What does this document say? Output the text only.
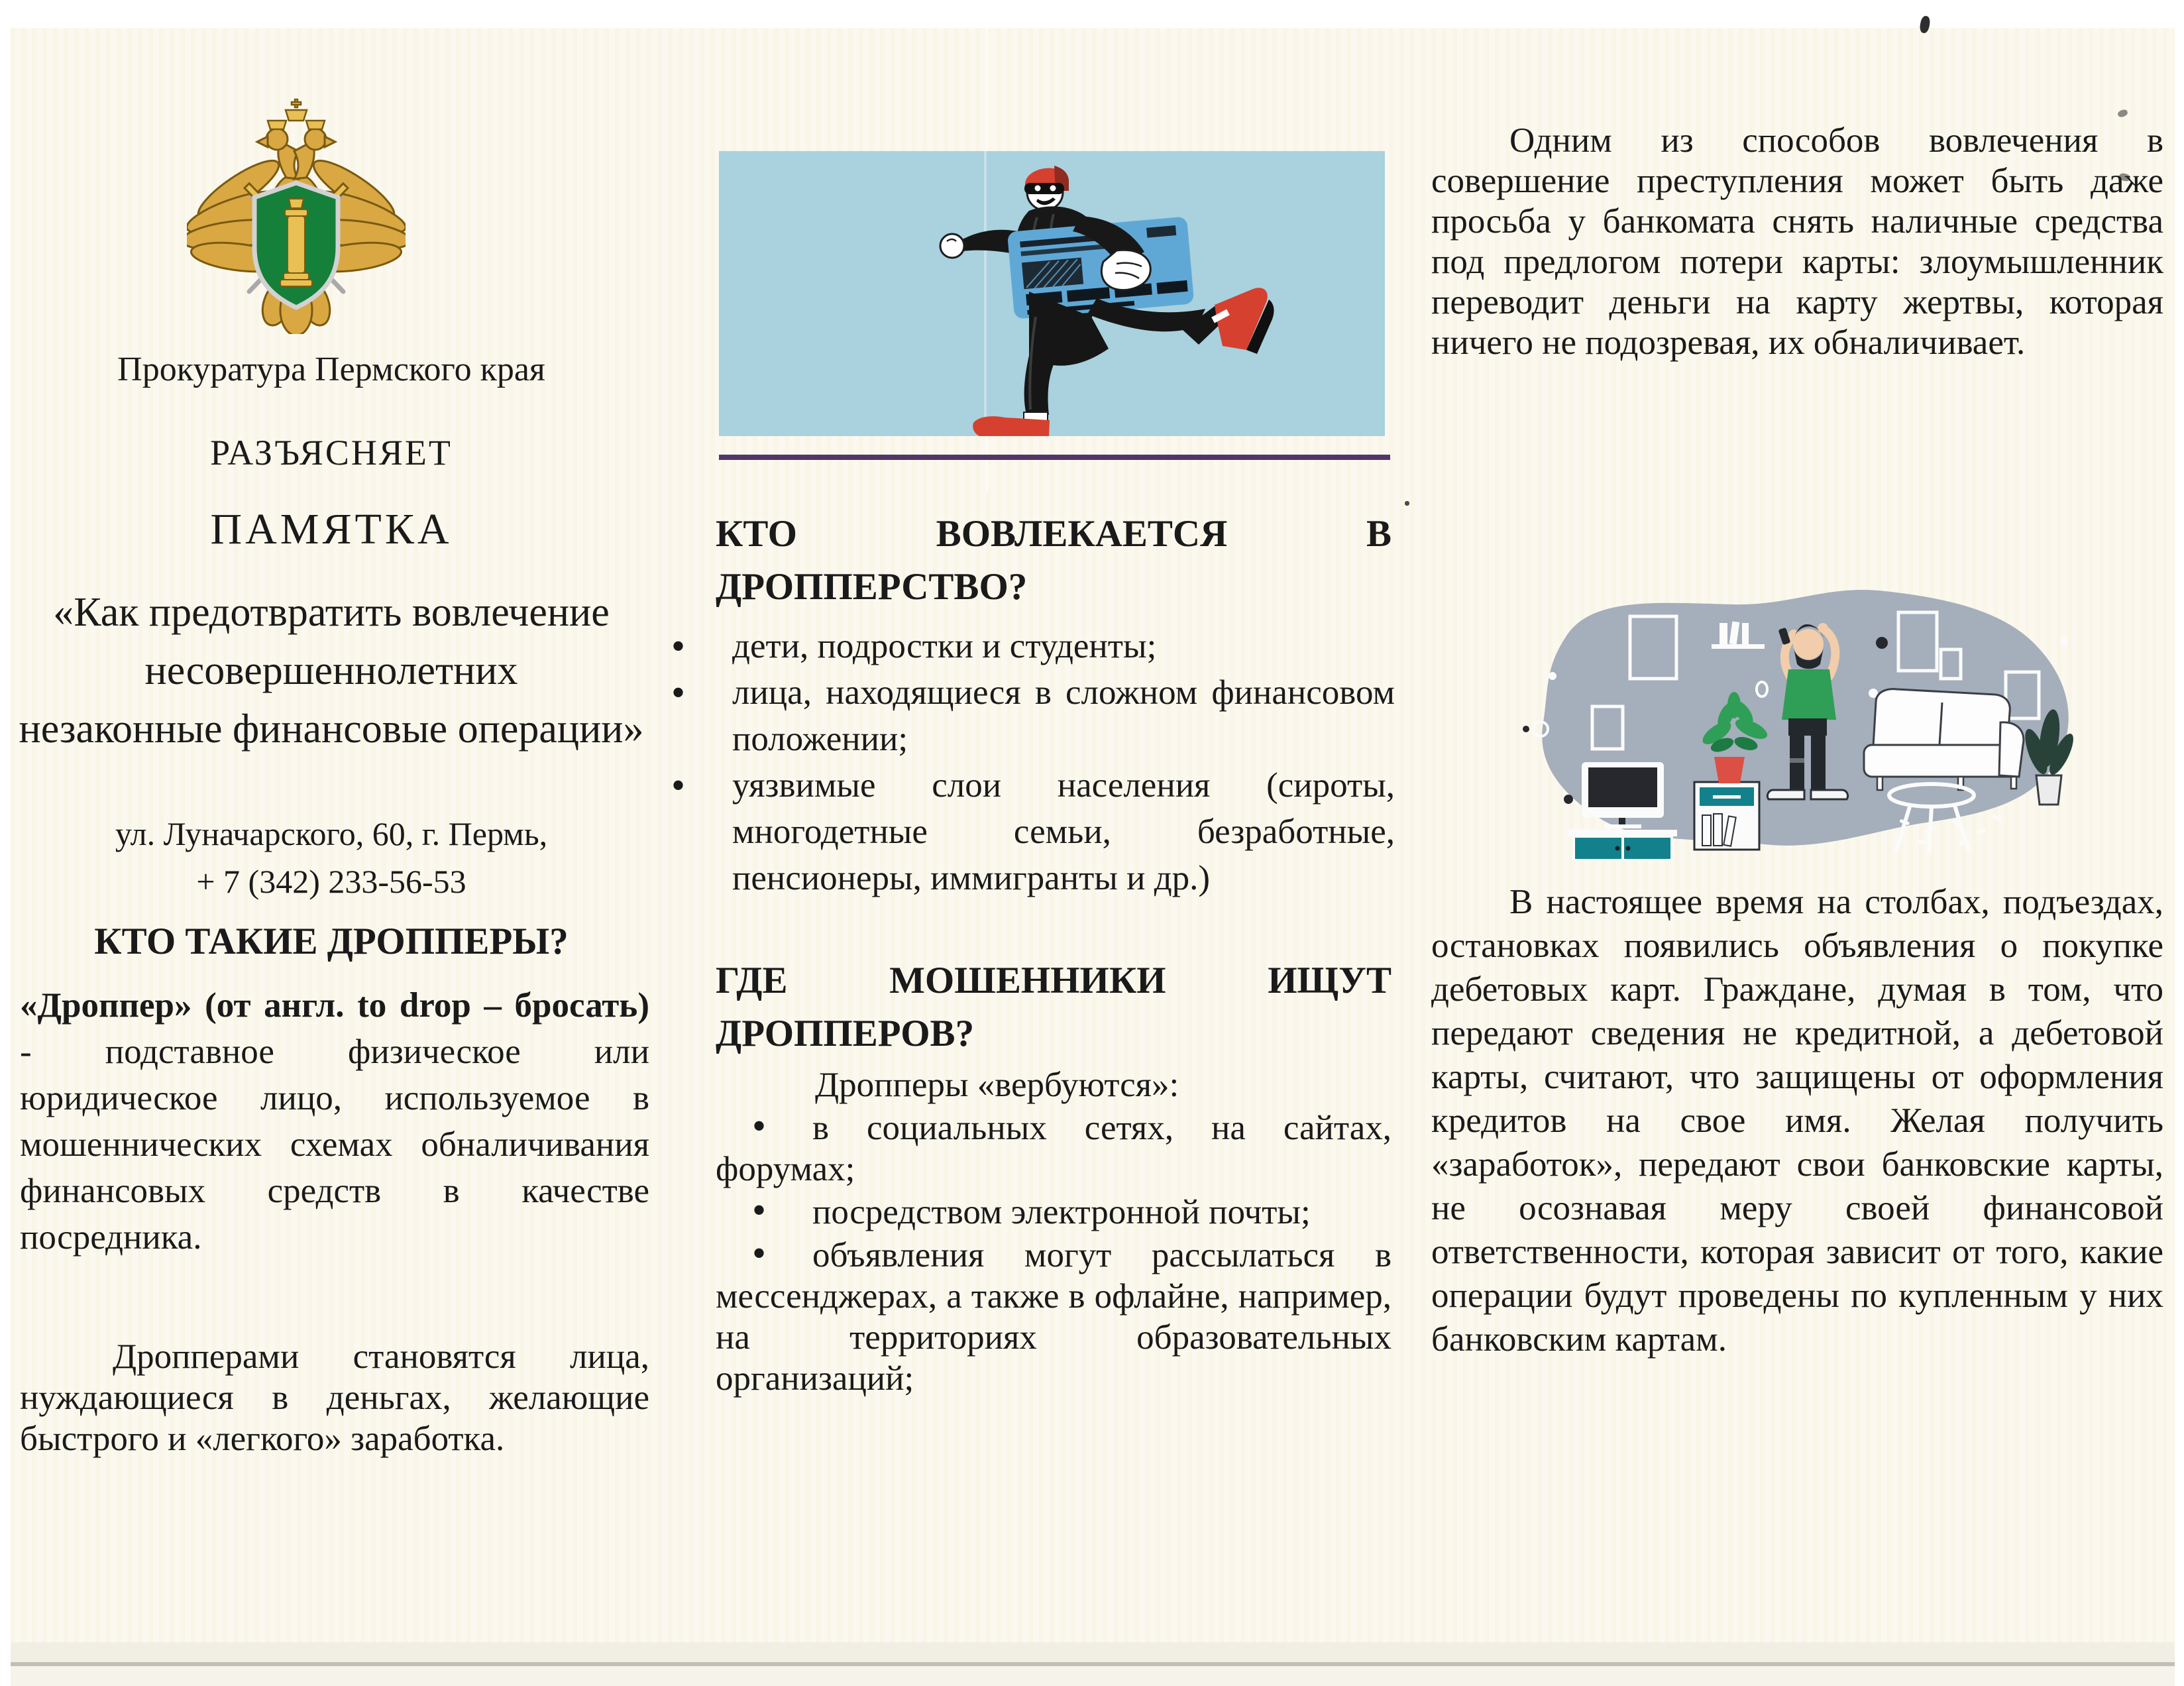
Прокуратура Пермского края
РАЗЪЯСНЯЕТ
ПАМЯТКА
«Как предотвратить вовлечение
несовершеннолетних
незаконные финансовые операции»
ул. Луначарского, 60, г. Пермь,
+ 7 (342) 233-56-53
КТО ТАКИЕ ДРОППЕРЫ?
«Дроппер» (от англ. to drop – бросать)
- подставное физическое или юридическое лицо, используемое в мошеннических схемах обналичивания финансовых средств в качестве посредника.
Дропперами становятся лица, нуждающиеся в деньгах, желающие быстрого и «легкого» заработка.
КТО ВОВЛЕКАЕТСЯ В
ДРОППЕРСТВО?
• дети, подростки и студенты;
• лица, находящиеся в сложном финансовом положении;
• уязвимые слои населения (сироты, многодетные семьи, безработные, пенсионеры, иммигранты и др.)
ГДЕ МОШЕННИКИ ИЩУТ
ДРОППЕРОВ?
Дропперы «вербуются»:
• в социальных сетях, на сайтах, форумах;
• посредством электронной почты;
• объявления могут рассылаться в мессенджерах, а также в офлайне, например, на территориях образовательных организаций;
Одним из способов вовлечения в совершение преступления может быть даже просьба у банкомата снять наличные средства под предлогом потери карты: злоумышленник переводит деньги на карту жертвы, которая ничего не подозревая, их обналичивает.
В настоящее время на столбах, подъездах, остановках появились объявления о покупке дебетовых карт. Граждане, думая в том, что передают сведения не кредитной, а дебетовой карты, считают, что защищены от оформления кредитов на свое имя. Желая получить «заработок», передают свои банковские карты, не осознавая меру своей финансовой ответственности, которая зависит от того, какие операции будут проведены по купленным у них банковским картам.
